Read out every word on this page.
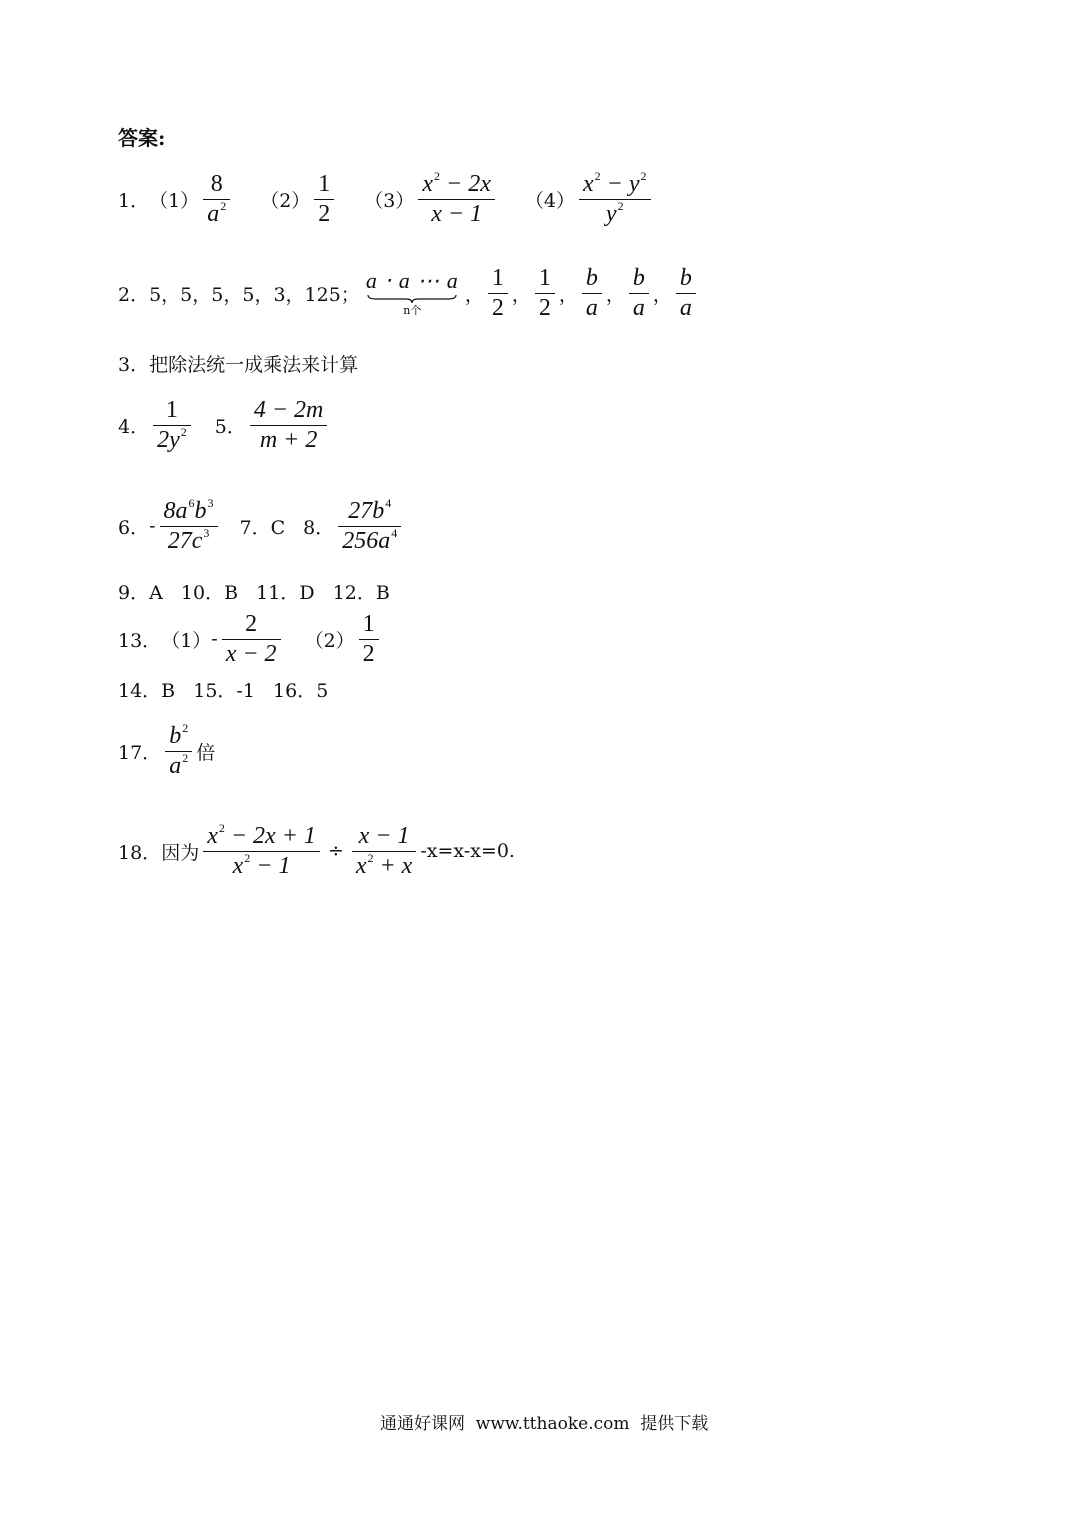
答案:
1． $(1) \frac{8}{a^2} (2) \frac{1}{2} (3) \frac{x^2 - 2x}{x - 1} (4) \frac{x^2 - y^2}{y^2}$
2． 5，5，5，5，3，125；
a ⋅ a ⋯ a
n个
， $\frac{1}{2}$ ， $\frac{1}{2}$ ， $\frac{b}{a}$ ， $\frac{b}{a}$ ， $\frac{b}{a}$
3．把除法统一成乘法来计算
4． $\frac{1}{2y^2} 5$． $\frac{4 - 2m}{m + 2}$
6． - $\frac{8a^6b^3}{27c^3} 7$．C 8． $\frac{27b^4}{256a^4}$
9．A   10．B   11．D   12．B
13． $(1) - \frac{2}{x - 2} (2) \frac{1}{2}$
14．B   15．-1   16．5
17． $\frac{b^2}{a^2}$ 倍
18． 因为 $\frac{x^2 - 2x + 1}{x^2 - 1} \div \frac{x - 1}{x^2 + x} -x=x-x=0$.
通通好课网  www.tthaoke.com  提供下载
